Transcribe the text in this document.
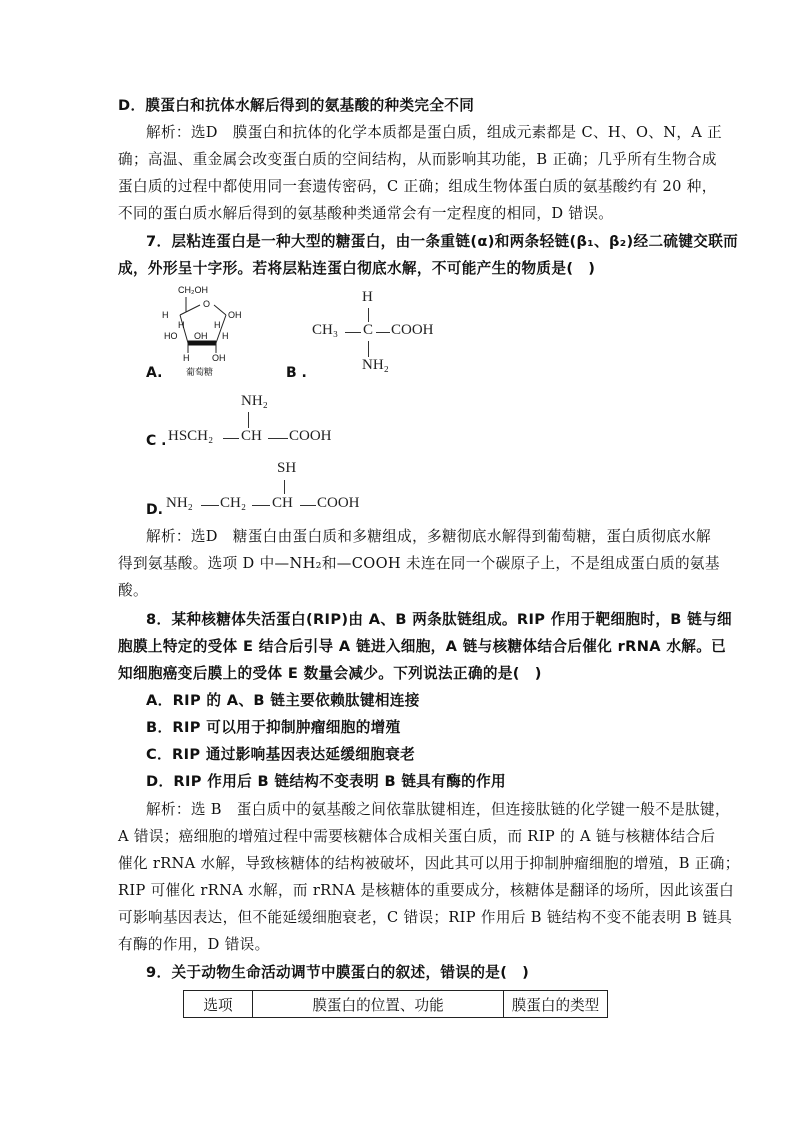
D．膜蛋白和抗体水解后得到的氨基酸的种类完全不同
解析：选D　膜蛋白和抗体的化学本质都是蛋白质，组成元素都是 C、H、O、N，A 正
确；高温、重金属会改变蛋白质的空间结构，从而影响其功能，B 正确；几乎所有生物合成
蛋白质的过程中都使用同一套遗传密码，C 正确；组成生物体蛋白质的氨基酸约有 20 种，
不同的蛋白质水解后得到的氨基酸种类通常会有一定程度的相同，D 错误。
7．层粘连蛋白是一种大型的糖蛋白，由一条重链(α)和两条轻链(β₁、β₂)经二硫键交联而
成，外形呈十字形。若将层粘连蛋白彻底水解，不可能产生的物质是(　)
A.
CH₂OH
O
H	OH
H	H
HO OH H
H	OH
葡萄糖	B .
H
CH₃ C COOH
NH₂
C .
NH₂
HSCH₂ CH COOH
D.
SH
NH₂ CH₂ CH COOH
解析：选D　糖蛋白由蛋白质和多糖组成，多糖彻底水解得到葡萄糖，蛋白质彻底水解
得到氨基酸。选项 D 中—NH₂和—COOH 未连在同一个碳原子上，不是组成蛋白质的氨基
酸。
8．某种核糖体失活蛋白(RIP)由 A、B 两条肽链组成。RIP 作用于靶细胞时，B 链与细
胞膜上特定的受体 E 结合后引导 A 链进入细胞，A 链与核糖体结合后催化 rRNA 水解。已
知细胞癌变后膜上的受体 E 数量会减少。下列说法正确的是(　)
A．RIP 的 A、B 链主要依赖肽键相连接
B．RIP 可以用于抑制肿瘤细胞的增殖
C．RIP 通过影响基因表达延缓细胞衰老
D．RIP 作用后 B 链结构不变表明 B 链具有酶的作用
解析：选 B　蛋白质中的氨基酸之间依靠肽键相连，但连接肽链的化学键一般不是肽键，
A 错误；癌细胞的增殖过程中需要核糖体合成相关蛋白质，而 RIP 的 A 链与核糖体结合后
催化 rRNA 水解，导致核糖体的结构被破坏，因此其可以用于抑制肿瘤细胞的增殖，B 正确；
RIP 可催化 rRNA 水解，而 rRNA 是核糖体的重要成分，核糖体是翻译的场所，因此该蛋白
可影响基因表达，但不能延缓细胞衰老，C 错误；RIP 作用后 B 链结构不变不能表明 B 链具
有酶的作用，D 错误。
9．关于动物生命活动调节中膜蛋白的叙述，错误的是(　)
选项	膜蛋白的位置、功能	膜蛋白的类型
